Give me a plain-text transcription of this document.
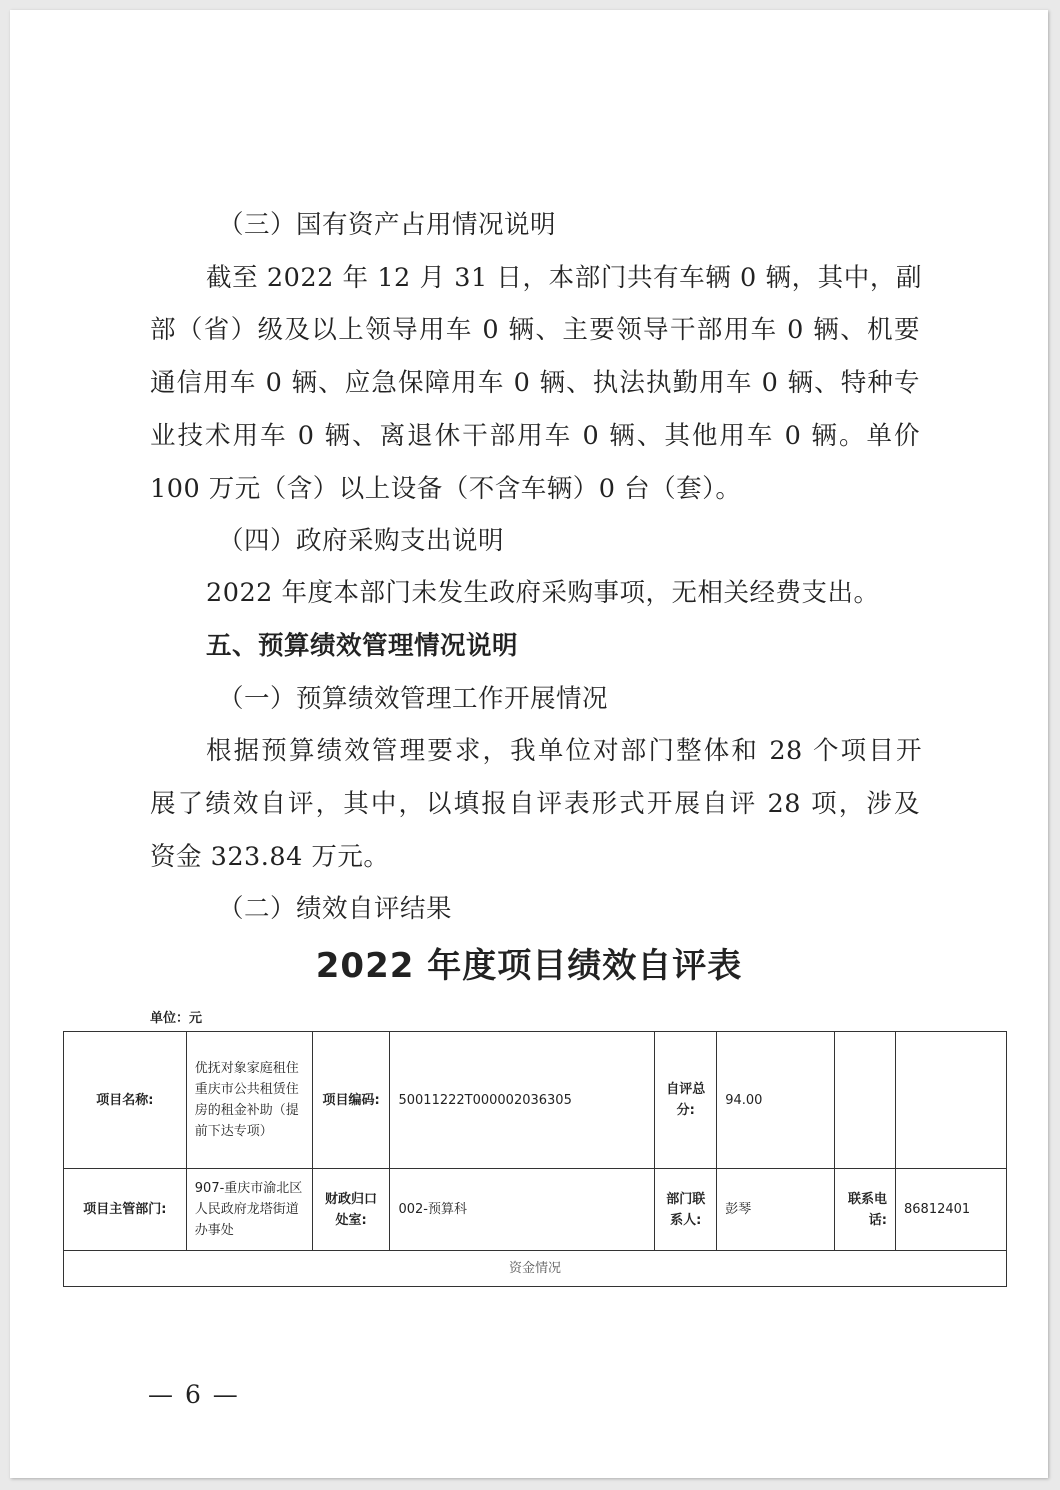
（三）国有资产占用情况说明
截至 2022 年 12 月 31 日，本部门共有车辆 0 辆，其中，副
部（省）级及以上领导用车 0 辆、主要领导干部用车 0 辆、机要
通信用车 0 辆、应急保障用车 0 辆、执法执勤用车 0 辆、特种专
业技术用车 0 辆、离退休干部用车 0 辆、其他用车 0 辆。单价
100 万元（含）以上设备（不含车辆）0 台（套）。
（四）政府采购支出说明
2022 年度本部门未发生政府采购事项，无相关经费支出。
五、预算绩效管理情况说明
（一）预算绩效管理工作开展情况
根据预算绩效管理要求，我单位对部门整体和 28 个项目开
展了绩效自评，其中，以填报自评表形式开展自评 28 项，涉及
资金 323.84 万元。
（二）绩效自评结果
2022 年度项目绩效自评表
单位：元
项目名称:	优抚对象家庭租住重庆市公共租赁住房的租金补助（提前下达专项）	项目编码:	50011222T000002036305	自评总分:	94.00		
项目主管部门:	907-重庆市渝北区人民政府龙塔街道办事处	财政归口处室:	002-预算科	部门联系人:	彭琴	联系电话:	86812401
资金情况							
— 6 —
